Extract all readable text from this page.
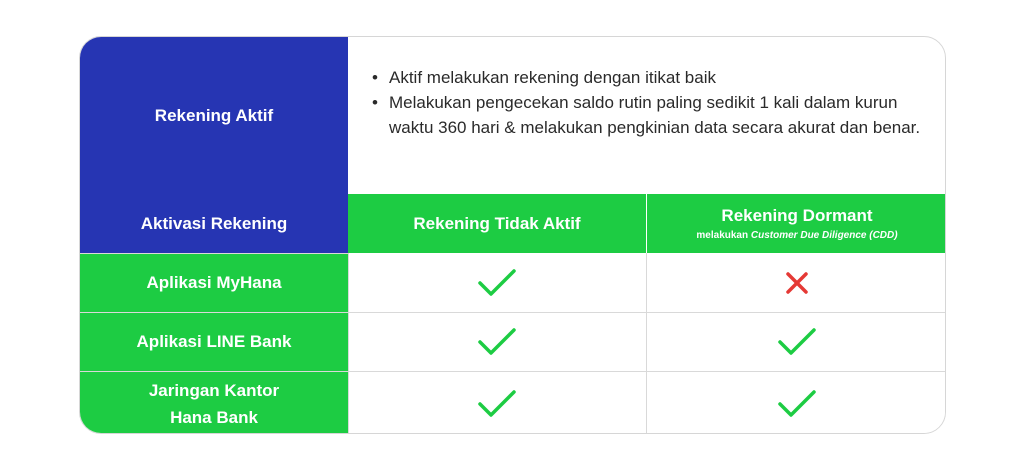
Rekening Aktif
• Aktif melakukan rekening dengan itikat baik
• Melakukan pengecekan saldo rutin paling sedikit 1 kali dalam kurun waktu 360 hari & melakukan pengkinian data secara akurat dan benar.
Aktivasi Rekening	Rekening Tidak Aktif	Rekening Dormant
melakukan Customer Due Diligence (CDD)
Aplikasi MyHana
Aplikasi LINE Bank
Jaringan Kantor
Hana Bank
